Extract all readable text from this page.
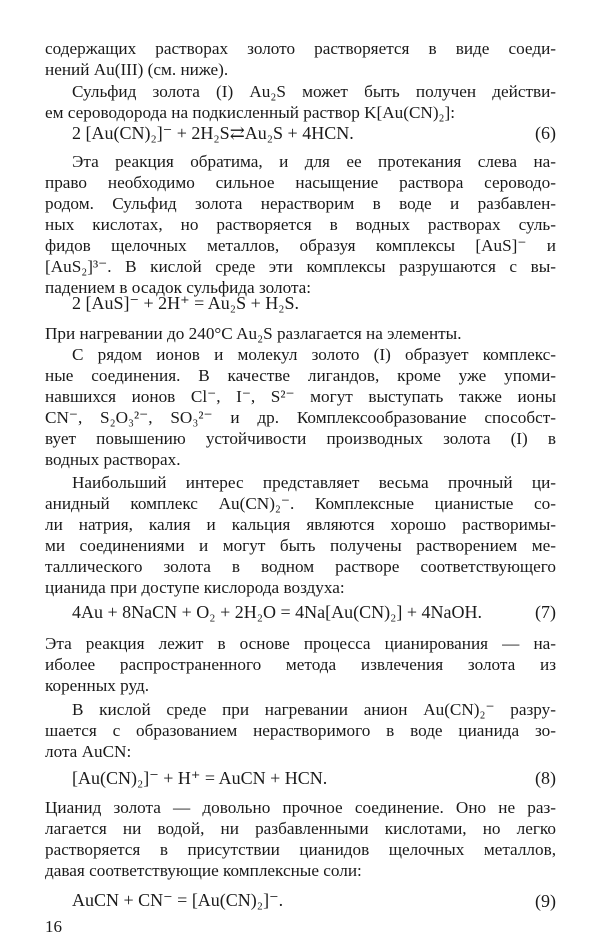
содержащих растворах золото растворяется в виде соеди-
нений Au(III) (см. ниже).
Сульфид золота (I) Au₂S может быть получен действи-
ем сероводорода на подкисленный раствор K[Au(CN)₂]:
2 [Au(CN)₂]⁻ + 2H₂S⇄Au₂S + 4HCN.	(6)
Эта реакция обратима, и для ее протекания слева на-
право необходимо сильное насыщение раствора сероводо-
родом. Сульфид золота нерастворим в воде и разбавлен-
ных кислотах, но растворяется в водных растворах суль-
фидов щелочных металлов, образуя комплексы [AuS]⁻ и
[AuS₂]³⁻. В кислой среде эти комплексы разрушаются с вы-
падением в осадок сульфида золота:
2 [AuS]⁻ + 2H⁺ = Au₂S + H₂S.
При нагревании до 240°C Au₂S разлагается на элементы.
С рядом ионов и молекул золото (I) образует комплекс-
ные соединения. В качестве лигандов, кроме уже упоми-
навшихся ионов Cl⁻, I⁻, S²⁻ могут выступать также ионы
CN⁻, S₂O₃²⁻, SO₃²⁻ и др. Комплексообразование способст-
вует повышению устойчивости производных золота (I) в
водных растворах.
Наибольший интерес представляет весьма прочный ци-
анидный комплекс Au(CN)₂⁻. Комплексные цианистые со-
ли натрия, калия и кальция являются хорошо растворимы-
ми соединениями и могут быть получены растворением ме-
таллического золота в водном растворе соответствующего
цианида при доступе кислорода воздуха:
4Au + 8NaCN + O₂ + 2H₂O = 4Na[Au(CN)₂] + 4NaOH.	(7)
Эта реакция лежит в основе процесса цианирования — на-
иболее распространенного метода извлечения золота из
коренных руд.
В кислой среде при нагревании анион Au(CN)₂⁻ разру-
шается с образованием нерастворимого в воде цианида зо-
лота AuCN:
[Au(CN)₂]⁻ + H⁺ = AuCN + HCN.	(8)
Цианид золота — довольно прочное соединение. Оно не раз-
лагается ни водой, ни разбавленными кислотами, но легко
растворяется в присутствии цианидов щелочных металлов,
давая соответствующие комплексные соли:
AuCN + CN⁻ = [Au(CN)₂]⁻.	(9)
16
